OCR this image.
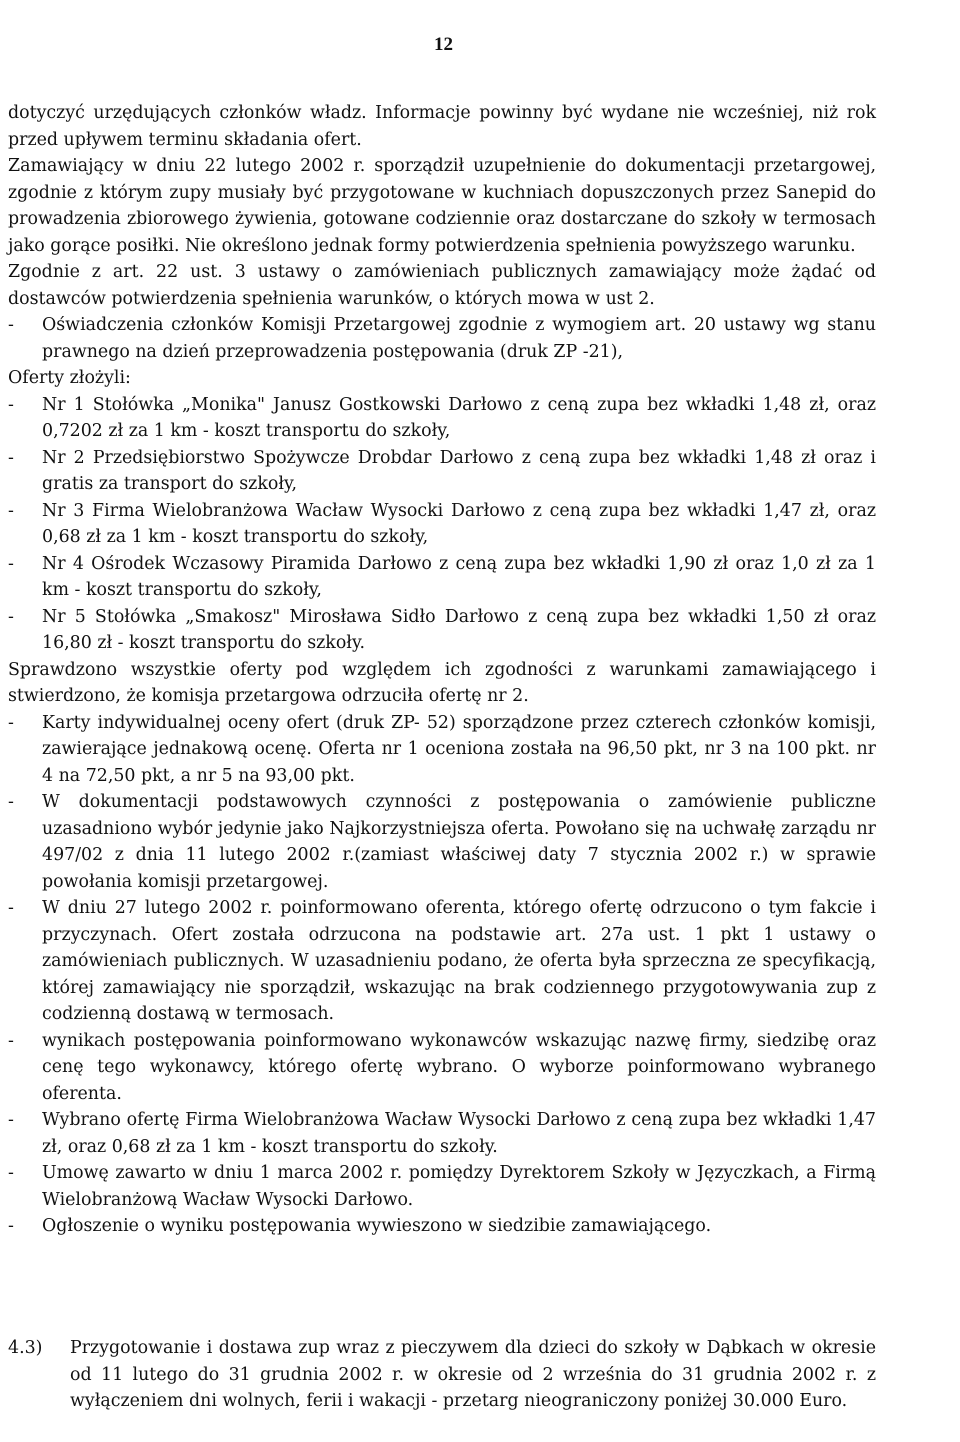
12

dotyczyć urzędujących członków władz. Informacje powinny być wydane nie wcześniej, niż rok przed upływem terminu składania ofert.

Zamawiający w dniu 22 lutego 2002 r. sporządził uzupełnienie do dokumentacji przetargowej, zgodnie z którym zupy musiały być przygotowane w kuchniach dopuszczonych przez Sanepid do prowadzenia zbiorowego żywienia, gotowane codziennie oraz dostarczane do szkoły w termosach jako gorące posiłki. Nie określono jednak formy potwierdzenia spełnienia powyższego warunku.

Zgodnie z art. 22 ust. 3 ustawy o zamówieniach publicznych zamawiający może żądać od dostawców potwierdzenia spełnienia warunków, o których mowa w ust 2.

-	Oświadczenia członków Komisji Przetargowej zgodnie z wymogiem art. 20 ustawy wg stanu prawnego na dzień przeprowadzenia postępowania (druk ZP -21),

Oferty złożyli:

-	Nr 1 Stołówka „Monika" Janusz Gostkowski Darłowo z ceną zupa bez wkładki 1,48 zł, oraz 0,7202 zł za 1 km - koszt transportu do szkoły,

-	Nr 2 Przedsiębiorstwo Spożywcze Drobdar Darłowo z ceną zupa bez wkładki 1,48 zł oraz i gratis za transport do szkoły,

-	Nr 3 Firma Wielobranżowa Wacław Wysocki Darłowo z ceną zupa bez wkładki 1,47 zł, oraz 0,68 zł za 1 km - koszt transportu do szkoły,

-	Nr 4 Ośrodek Wczasowy Piramida Darłowo z ceną zupa bez wkładki 1,90 zł oraz 1,0 zł za 1 km - koszt transportu do szkoły,

-	Nr 5 Stołówka „Smakosz" Mirosława Sidło Darłowo z ceną zupa bez wkładki 1,50 zł oraz 16,80 zł - koszt transportu do szkoły.

Sprawdzono wszystkie oferty pod względem ich zgodności z warunkami zamawiającego i stwierdzono, że komisja przetargowa odrzuciła ofertę nr 2.

-	Karty indywidualnej oceny ofert (druk ZP- 52) sporządzone przez czterech członków komisji, zawierające jednakową ocenę. Oferta nr 1 oceniona została na 96,50 pkt, nr 3 na 100 pkt. nr 4 na 72,50 pkt, a nr 5 na 93,00 pkt.

-	W dokumentacji podstawowych czynności z postępowania o zamówienie publiczne uzasadniono wybór jedynie jako Najkorzystniejsza oferta. Powołano się na uchwałę zarządu nr 497/02 z dnia 11 lutego 2002 r.(zamiast właściwej daty 7 stycznia 2002 r.) w sprawie powołania komisji przetargowej.

-	W dniu 27 lutego 2002 r. poinformowano oferenta, którego ofertę odrzucono o tym fakcie i przyczynach. Ofert została odrzucona na podstawie art. 27a ust. 1 pkt 1 ustawy o zamówieniach publicznych. W uzasadnieniu podano, że oferta była sprzeczna ze specyfikacją, której zamawiający nie sporządził, wskazując na brak codziennego przygotowywania zup z codzienną dostawą w termosach.

-	wynikach postępowania poinformowano wykonawców wskazując nazwę firmy, siedzibę oraz cenę tego wykonawcy, którego ofertę wybrano. O wyborze poinformowano wybranego oferenta.

-	Wybrano ofertę Firma Wielobranżowa Wacław Wysocki Darłowo z ceną zupa bez wkładki 1,47 zł, oraz 0,68 zł za 1 km - koszt transportu do szkoły.

-	Umowę zawarto w dniu 1 marca 2002 r. pomiędzy Dyrektorem Szkoły w Języczkach, a Firmą Wielobranżową Wacław Wysocki Darłowo.

-	Ogłoszenie o wyniku postępowania wywieszono w siedzibie zamawiającego.

4.3)	Przygotowanie i dostawa zup wraz z pieczywem dla dzieci do szkoły w Dąbkach w okresie od 11 lutego do 31 grudnia 2002 r. w okresie od 2 września do 31 grudnia 2002 r. z wyłączeniem dni wolnych, ferii i wakacji - przetarg nieograniczony poniżej 30.000 Euro.
